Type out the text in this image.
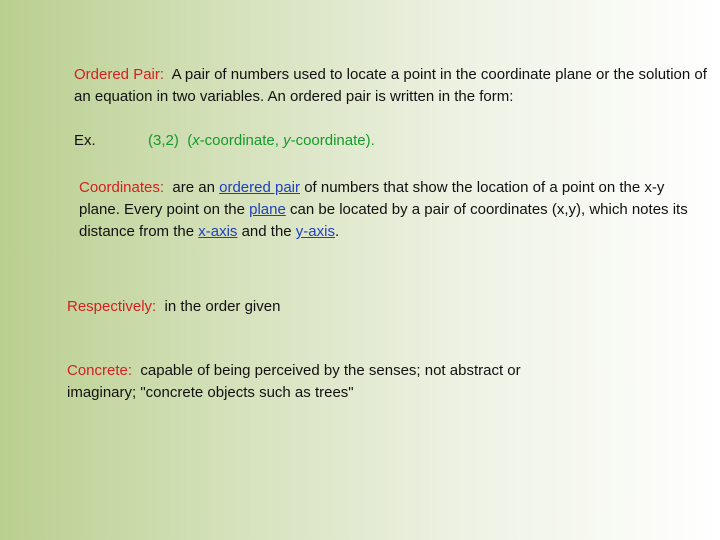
Ordered Pair: A pair of numbers used to locate a point in the coordinate plane or the solution of an equation in two variables. An ordered pair is written in the form:
Ex.	(3,2) (x-coordinate, y-coordinate).
Coordinates: are an ordered pair of numbers that show the location of a point on the x-y plane. Every point on the plane can be located by a pair of coordinates (x,y), which notes its distance from the x-axis and the y-axis.
Respectively: in the order given
Concrete: capable of being perceived by the senses; not abstract or imaginary; "concrete objects such as trees"
